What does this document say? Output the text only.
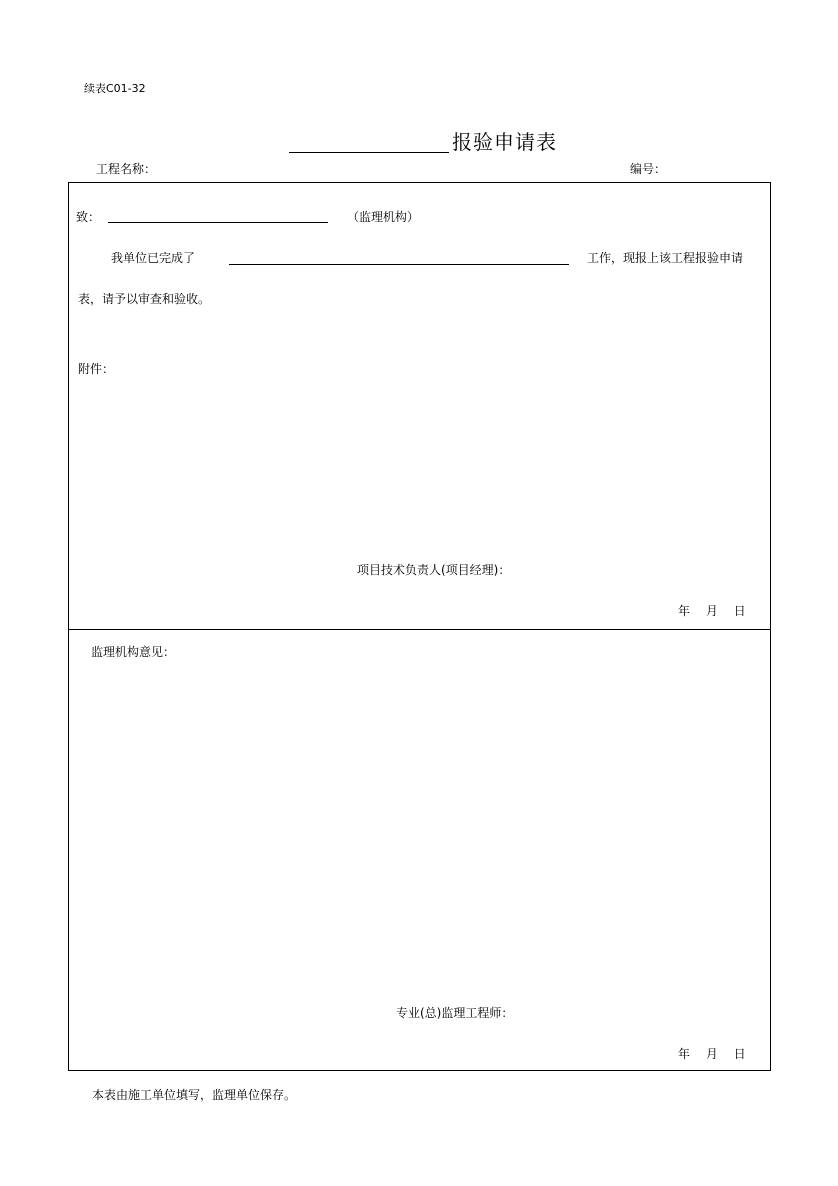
续表C01-32
报验申请表
工程名称：	编号：
致：	（监理机构）
我单位已完成了	工作，现报上该工程报验申请
表，请予以审查和验收。
附件：
项目技术负责人(项目经理)：
年 月 日
监理机构意见：
专业(总)监理工程师：
年 月 日
本表由施工单位填写，监理单位保存。
